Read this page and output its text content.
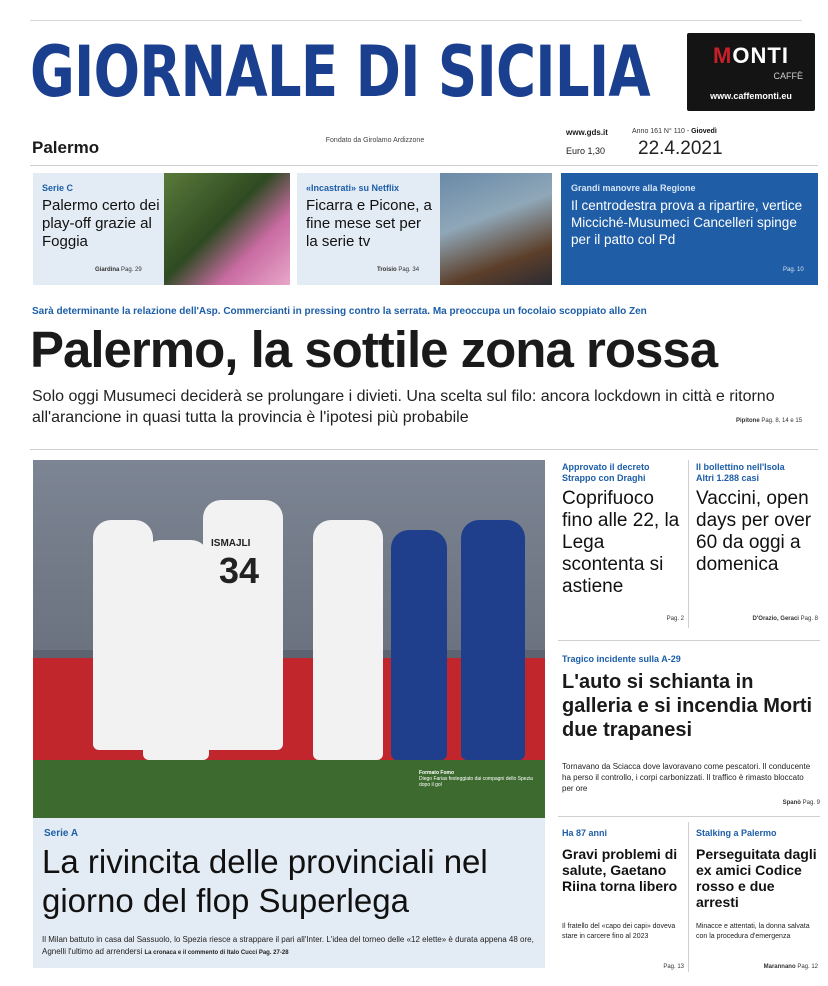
GIORNALE DI SICILIA	MONTI
CAFFÈ
www.caffemonti.eu
Palermo	Fondato da Girolamo Ardizzone
www.gds.it
Euro 1,30
Anno 161 N° 110 - Giovedì
22.4.2021
Serie C
Palermo certo dei play-off grazie al Foggia
Giardina Pag. 29
«Incastrati» su Netflix
Ficarra e Picone, a fine mese set per la serie tv
Troisio Pag. 34
Grandi manovre alla Regione
Il centrodestra prova a ripartire, vertice Micciché-Musumeci Cancelleri spinge per il patto col Pd
Pag. 10
Sarà determinante la relazione dell'Asp. Commercianti in pressing contro la serrata. Ma preoccupa un focolaio scoppiato allo Zen
Palermo, la sottile zona rossa
Solo oggi Musumeci deciderà se prolungare i divieti. Una scelta sul filo: ancora lockdown in città e ritorno all'arancione in quasi tutta la provincia è l'ipotesi più probabile	Pipitone Pag. 8, 14 e 15
ISMAJLI
34
Formato Fomo
Diego Farias festeggiato dai compagni dello Spezia dopo il gol
Serie A
La rivincita delle provinciali nel giorno del flop Superlega
Il Milan battuto in casa dal Sassuolo, lo Spezia riesce a strappare il pari all'Inter. L'idea del torneo delle «12 elette» è durata appena 48 ore, Agnelli l'ultimo ad arrendersi La cronaca e il commento di Italo Cucci Pag. 27-28
Approvato il decreto
Strappo con Draghi
Coprifuoco fino alle 22, la Lega scontenta si astiene
Pag. 2
Il bollettino nell'Isola
Altri 1.288 casi
Vaccini, open days per over 60 da oggi a domenica
D'Orazio, Geraci Pag. 8
Tragico incidente sulla A-29
L'auto si schianta in galleria e si incendia Morti due trapanesi
Tornavano da Sciacca dove lavoravano come pescatori. Il conducente ha perso il controllo, i corpi carbonizzati. Il traffico è rimasto bloccato per ore
Spanò Pag. 9
Ha 87 anni
Gravi problemi di salute, Gaetano Riina torna libero
Il fratello del «capo dei capi» doveva stare in carcere fino al 2023
Pag. 13
Stalking a Palermo
Perseguitata dagli ex amici Codice rosso e due arresti
Minacce e attentati, la donna salvata con la procedura d'emergenza
Marannano Pag. 12
